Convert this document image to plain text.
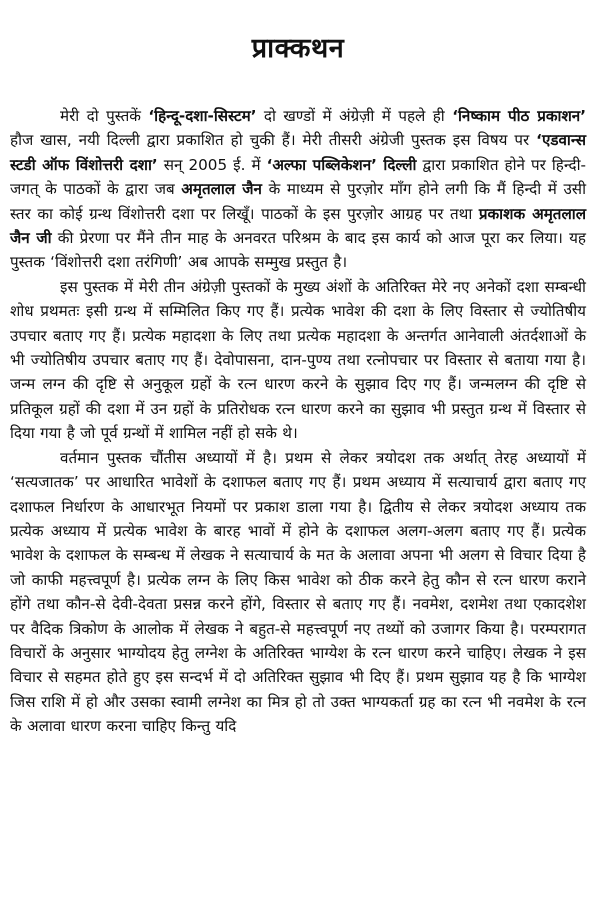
प्राक्कथन

मेरी दो पुस्तकें ‘हिन्दू-दशा-सिस्टम’ दो खण्डों में अंग्रेज़ी में पहले ही ‘निष्काम पीठ प्रकाशन’ हौज खास, नयी दिल्ली द्वारा प्रकाशित हो चुकी हैं। मेरी तीसरी अंग्रेजी पुस्तक इस विषय पर ‘एडवान्स स्टडी ऑफ विंशोत्तरी दशा’ सन् 2005 ई. में ‘अल्फा पब्लिकेशन’ दिल्ली द्वारा प्रकाशित होने पर हिन्दी-जगत् के पाठकों के द्वारा जब अमृतलाल जैन के माध्यम से पुरज़ोर माँग होने लगी कि मैं हिन्दी में उसी स्तर का कोई ग्रन्थ विंशोत्तरी दशा पर लिखूँ। पाठकों के इस पुरज़ोर आग्रह पर तथा प्रकाशक अमृतलाल जैन जी की प्रेरणा पर मैंने तीन माह के अनवरत परिश्रम के बाद इस कार्य को आज पूरा कर लिया। यह पुस्तक ‘विंशोत्तरी दशा तरंगिणी’ अब आपके सम्मुख प्रस्तुत है।

इस पुस्तक में मेरी तीन अंग्रेज़ी पुस्तकों के मुख्य अंशों के अतिरिक्त मेरे नए अनेकों दशा सम्बन्धी शोध प्रथमतः इसी ग्रन्थ में सम्मिलित किए गए हैं। प्रत्येक भावेश की दशा के लिए विस्तार से ज्योतिषीय उपचार बताए गए हैं। प्रत्येक महादशा के लिए तथा प्रत्येक महादशा के अन्तर्गत आनेवाली अंतर्दशाओं के भी ज्योतिषीय उपचार बताए गए हैं। देवोपासना, दान-पुण्य तथा रत्नोपचार पर विस्तार से बताया गया है। जन्म लग्न की दृष्टि से अनुकूल ग्रहों के रत्न धारण करने के सुझाव दिए गए हैं। जन्मलग्न की दृष्टि से प्रतिकूल ग्रहों की दशा में उन ग्रहों के प्रतिरोधक रत्न धारण करने का सुझाव भी प्रस्तुत ग्रन्थ में विस्तार से दिया गया है जो पूर्व ग्रन्थों में शामिल नहीं हो सके थे।

वर्तमान पुस्तक चौंतीस अध्यायों में है। प्रथम से लेकर त्रयोदश तक अर्थात् तेरह अध्यायों में ‘सत्यजातक’ पर आधारित भावेशों के दशाफल बताए गए हैं। प्रथम अध्याय में सत्याचार्य द्वारा बताए गए दशाफल निर्धारण के आधारभूत नियमों पर प्रकाश डाला गया है। द्वितीय से लेकर त्रयोदश अध्याय तक प्रत्येक अध्याय में प्रत्येक भावेश के बारह भावों में होने के दशाफल अलग-अलग बताए गए हैं। प्रत्येक भावेश के दशाफल के सम्बन्ध में लेखक ने सत्याचार्य के मत के अलावा अपना भी अलग से विचार दिया है जो काफी महत्त्वपूर्ण है। प्रत्येक लग्न के लिए किस भावेश को ठीक करने हेतु कौन से रत्न धारण कराने होंगे तथा कौन-से देवी-देवता प्रसन्न करने होंगे, विस्तार से बताए गए हैं। नवमेश, दशमेश तथा एकादशेश पर वैदिक त्रिकोण के आलोक में लेखक ने बहुत-से महत्त्वपूर्ण नए तथ्यों को उजागर किया है। परम्परागत विचारों के अनुसार भाग्योदय हेतु लग्नेश के अतिरिक्त भाग्येश के रत्न धारण करने चाहिए। लेखक ने इस विचार से सहमत होते हुए इस सन्दर्भ में दो अतिरिक्त सुझाव भी दिए हैं। प्रथम सुझाव यह है कि भाग्येश जिस राशि में हो और उसका स्वामी लग्नेश का मित्र हो तो उक्त भाग्यकर्ता ग्रह का रत्न भी नवमेश के रत्न के अलावा धारण करना चाहिए किन्तु यदि
